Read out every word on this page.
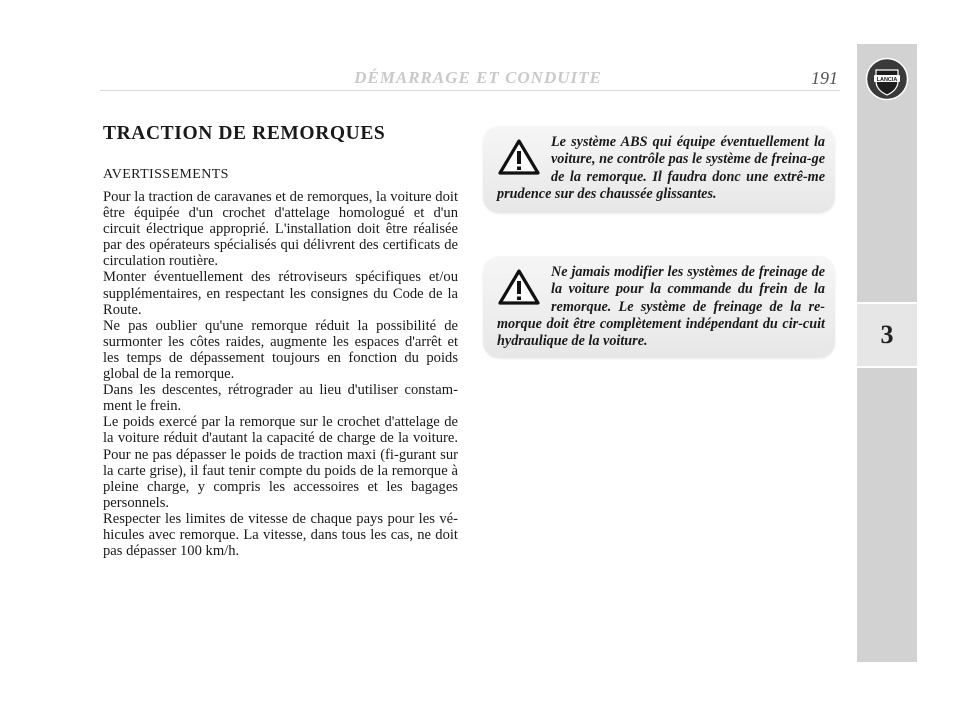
DÉMARRAGE ET CONDUITE	191	LANCIA
3
TRACTION DE REMORQUES
AVERTISSEMENTS
Pour la traction de caravanes et de remorques, la voiture doit être équipée d'un crochet d'attelage homologué et d'un circuit électrique approprié. L'installation doit être réalisée par des opérateurs spécialisés qui délivrent des certificats de circulation routière.
Monter éventuellement des rétroviseurs spécifiques et/ou supplémentaires, en respectant les consignes du Code de la Route.
Ne pas oublier qu'une remorque réduit la possibilité de surmonter les côtes raides, augmente les espaces d'arrêt et les temps de dépassement toujours en fonction du poids global de la remorque.
Dans les descentes, rétrograder au lieu d'utiliser constam-ment le frein.
Le poids exercé par la remorque sur le crochet d'attelage de la voiture réduit d'autant la capacité de charge de la voiture. Pour ne pas dépasser le poids de traction maxi (fi-gurant sur la carte grise), il faut tenir compte du poids de la remorque à pleine charge, y compris les accessoires et les bagages personnels.
Respecter les limites de vitesse de chaque pays pour les vé-hicules avec remorque. La vitesse, dans tous les cas, ne doit pas dépasser 100 km/h.

Le système ABS qui équipe éventuellement la voiture, ne contrôle pas le système de freina-ge de la remorque. Il faudra donc une extrê-me prudence sur des chaussée glissantes.

Ne jamais modifier les systèmes de freinage de la voiture pour la commande du frein de la remorque. Le système de freinage de la re-morque doit être complètement indépendant du cir-cuit hydraulique de la voiture.
